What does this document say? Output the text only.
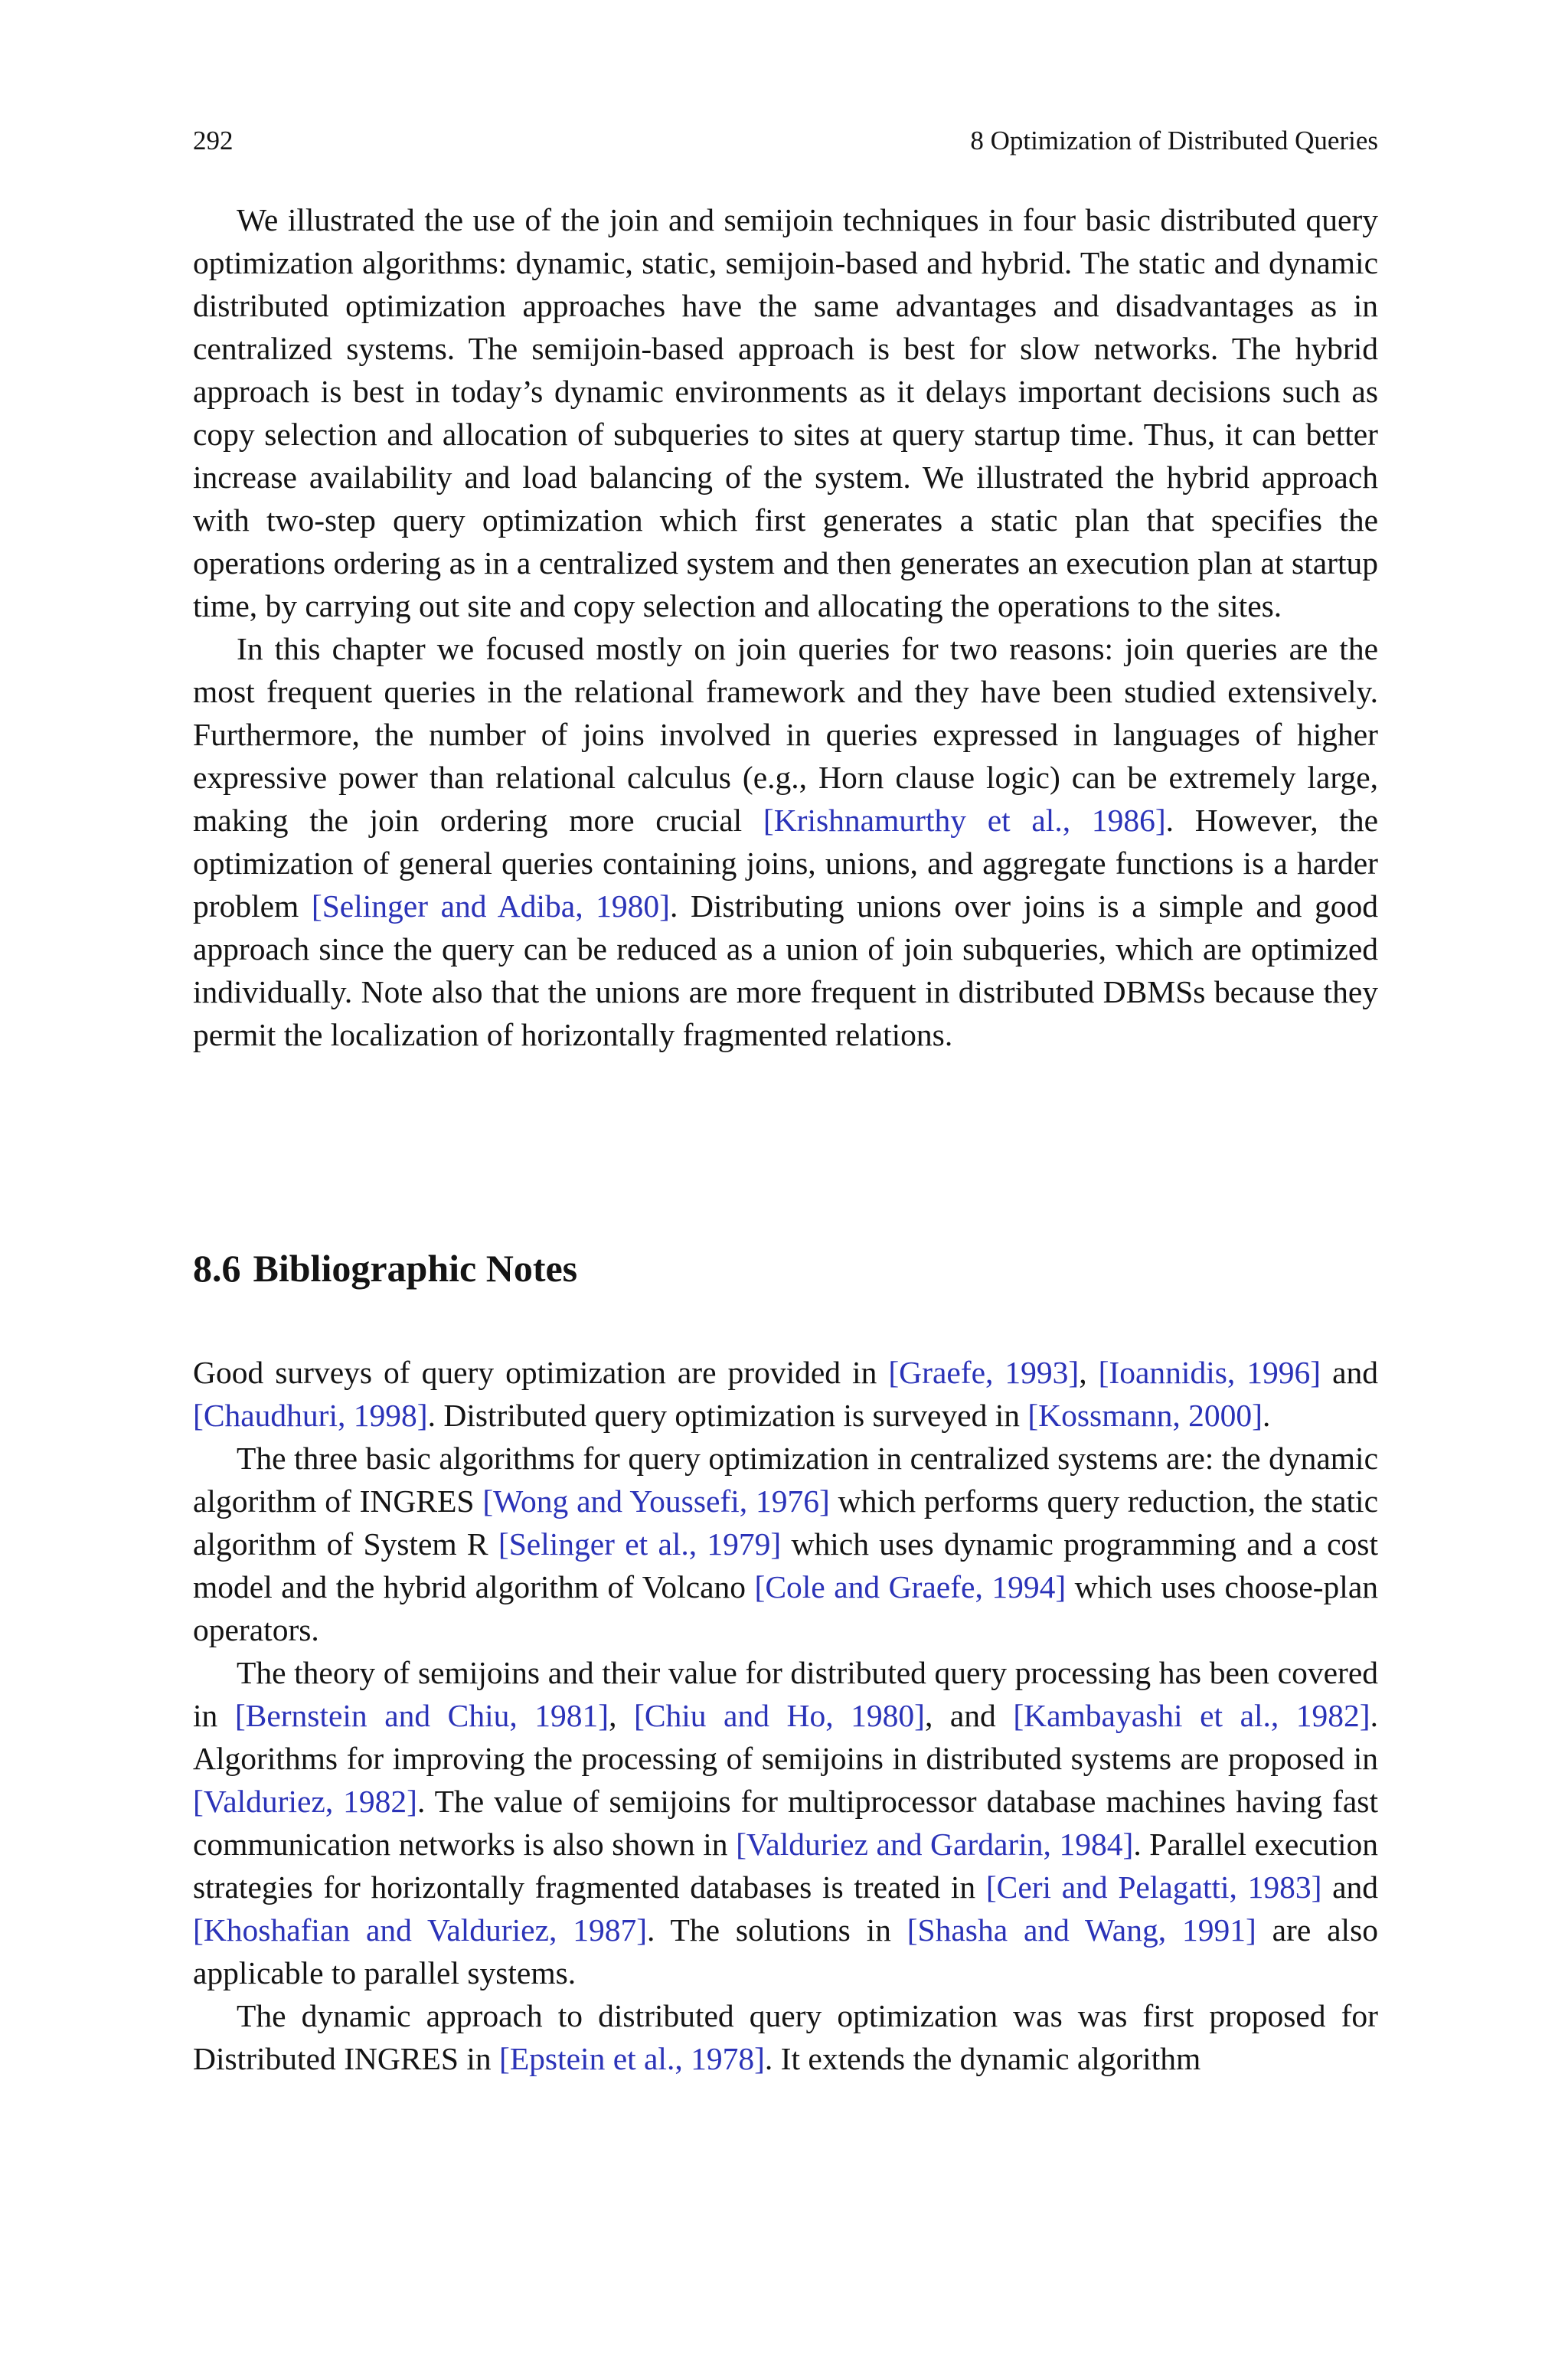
292	8 Optimization of Distributed Queries

We illustrated the use of the join and semijoin techniques in four basic distributed query optimization algorithms: dynamic, static, semijoin-based and hybrid. The static and dynamic distributed optimization approaches have the same advantages and disadvantages as in centralized systems. The semijoin-based approach is best for slow networks. The hybrid approach is best in today’s dynamic environments as it delays important decisions such as copy selection and allocation of subqueries to sites at query startup time. Thus, it can better increase availability and load balancing of the system. We illustrated the hybrid approach with two-step query optimization which first generates a static plan that specifies the operations ordering as in a centralized system and then generates an execution plan at startup time, by carrying out site and copy selection and allocating the operations to the sites.

In this chapter we focused mostly on join queries for two reasons: join queries are the most frequent queries in the relational framework and they have been studied extensively. Furthermore, the number of joins involved in queries expressed in languages of higher expressive power than relational calculus (e.g., Horn clause logic) can be extremely large, making the join ordering more crucial [Krishnamurthy et al., 1986]. However, the optimization of general queries containing joins, unions, and aggregate functions is a harder problem [Selinger and Adiba, 1980]. Distributing unions over joins is a simple and good approach since the query can be reduced as a union of join subqueries, which are optimized individually. Note also that the unions are more frequent in distributed DBMSs because they permit the localization of horizontally fragmented relations.

8.6 Bibliographic Notes

Good surveys of query optimization are provided in [Graefe, 1993], [Ioannidis, 1996] and [Chaudhuri, 1998]. Distributed query optimization is surveyed in [Kossmann, 2000].

The three basic algorithms for query optimization in centralized systems are: the dynamic algorithm of INGRES [Wong and Youssefi, 1976] which performs query reduction, the static algorithm of System R [Selinger et al., 1979] which uses dynamic programming and a cost model and the hybrid algorithm of Volcano [Cole and Graefe, 1994] which uses choose-plan operators.

The theory of semijoins and their value for distributed query processing has been covered in [Bernstein and Chiu, 1981], [Chiu and Ho, 1980], and [Kambayashi et al., 1982]. Algorithms for improving the processing of semijoins in distributed systems are proposed in [Valduriez, 1982]. The value of semijoins for multiprocessor database machines having fast communication networks is also shown in [Valduriez and Gardarin, 1984]. Parallel execution strategies for horizontally fragmented databases is treated in [Ceri and Pelagatti, 1983] and [Khoshafian and Valduriez, 1987]. The solutions in [Shasha and Wang, 1991] are also applicable to parallel systems.

The dynamic approach to distributed query optimization was was first proposed for Distributed INGRES in [Epstein et al., 1978]. It extends the dynamic algorithm
